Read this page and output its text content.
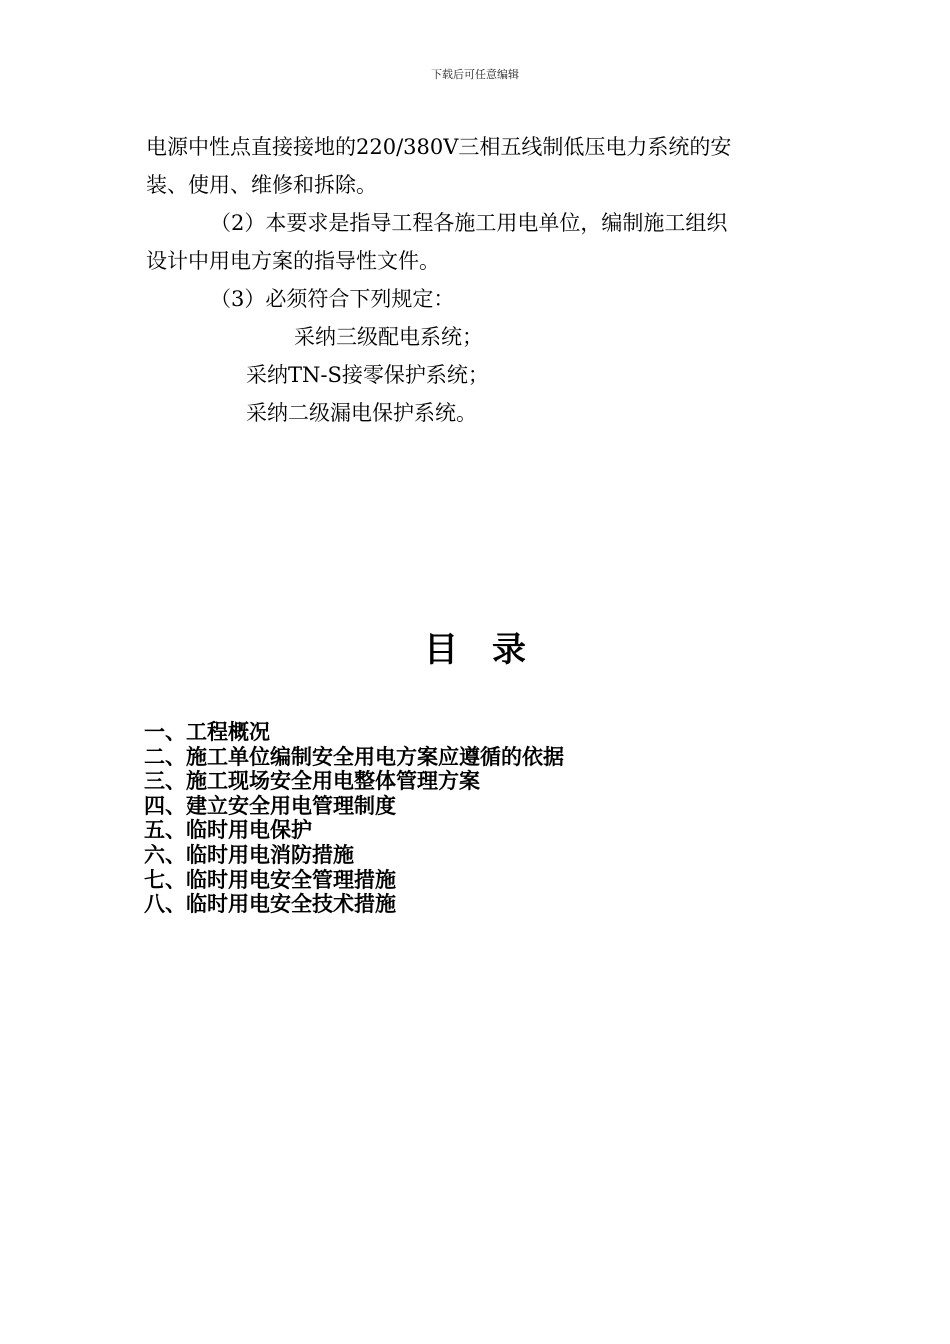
下载后可任意编辑
电源中性点直接接地的220/380V三相五线制低压电力系统的安
装、使用、维修和拆除。
（2）本要求是指导工程各施工用电单位，编制施工组织
设计中用电方案的指导性文件。
（3）必须符合下列规定：
采纳三级配电系统；
采纳TN-S接零保护系统；
采纳二级漏电保护系统。
目录
一、工程概况
二、施工单位编制安全用电方案应遵循的依据
三、施工现场安全用电整体管理方案
四、建立安全用电管理制度
五、临时用电保护
六、临时用电消防措施
七、临时用电安全管理措施
八、临时用电安全技术措施
